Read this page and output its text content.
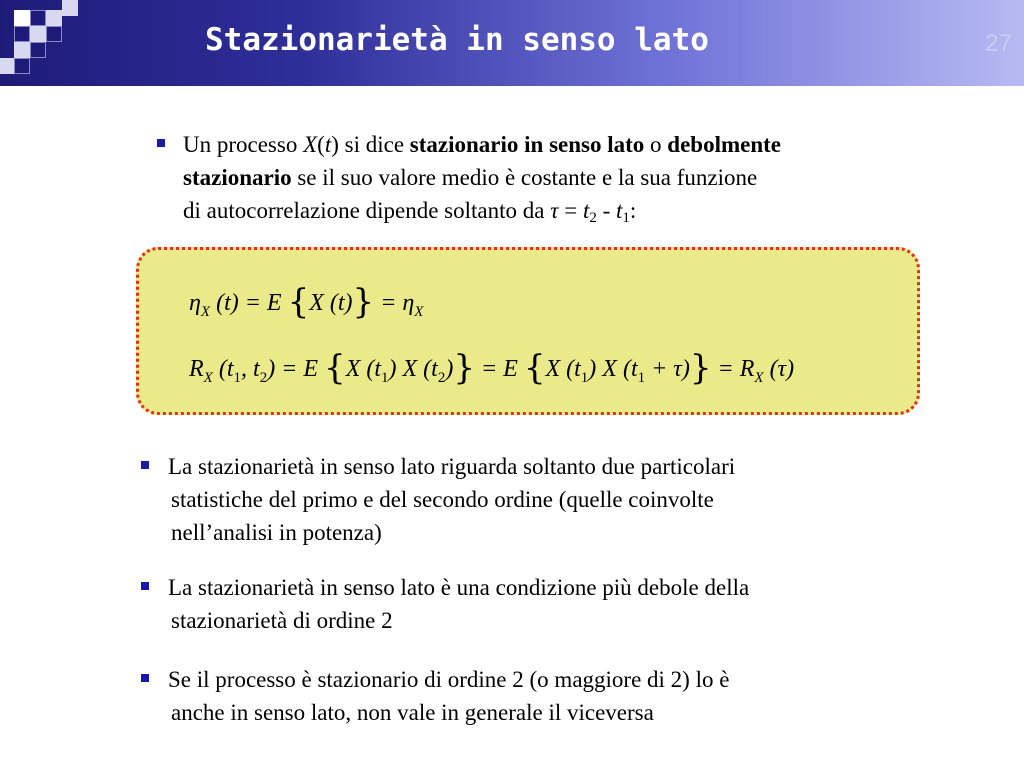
Stazionarietà in senso lato	27
Un processo X(t) si dice stazionario in senso lato o debolmente
stazionario se il suo valore medio è costante e la sua funzione
di autocorrelazione dipende soltanto da $\tau = t_2 - t_1$:
$\eta_X$ (t) = E {X $(t)\} = \eta_X$
$R_X$ ($t_1$, $t_2) = E$ {X $(t_1)$ X $(t_2)\} = E$ {X $(t_1)$ X $(t_1 + \tau)\} = R_X$ (τ)
La stazionarietà in senso lato riguarda soltanto due particolari
statistiche del primo e del secondo ordine (quelle coinvolte
nell’analisi in potenza)
La stazionarietà in senso lato è una condizione più debole della
stazionarietà di ordine 2
Se il processo è stazionario di ordine 2 (o maggiore di 2) lo è
anche in senso lato, non vale in generale il viceversa
